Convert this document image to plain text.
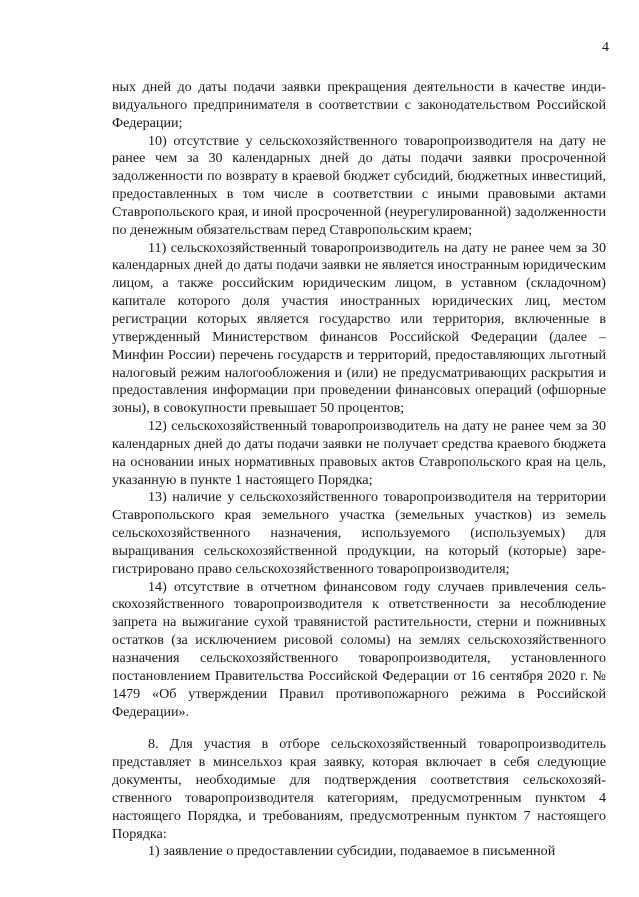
4

ных дней до даты подачи заявки прекращения деятельности в качестве индивидуального предпринимателя в соответствии с законодательством Российской Федерации;

10) отсутствие у сельскохозяйственного товаропроизводителя на дату не ранее чем за 30 календарных дней до даты подачи заявки просроченной задолженности по возврату в краевой бюджет субсидий, бюджетных инвестиций, предоставленных в том числе в соответствии с иными правовыми актами Ставропольского края, и иной просроченной (неурегулированной) задолженности по денежным обязательствам перед Ставропольским краем;

11) сельскохозяйственный товаропроизводитель на дату не ранее чем за 30 календарных дней до даты подачи заявки не является иностранным юридическим лицом, а также российским юридическим лицом, в уставном (складочном) капитале которого доля участия иностранных юридических лиц, местом регистрации которых является государство или территория, включенные в утвержденный Министерством финансов Российской Федерации (далее – Минфин России) перечень государств и территорий, предоставляющих льготный налоговый режим налогообложения и (или) не предусматривающих раскрытия и предоставления информации при проведении финансовых операций (офшорные зоны), в совокупности превышает 50 процентов;

12) сельскохозяйственный товаропроизводитель на дату не ранее чем за 30 календарных дней до даты подачи заявки не получает средства краевого бюджета на основании иных нормативных правовых актов Ставропольского края на цель, указанную в пункте 1 настоящего Порядка;

13) наличие у сельскохозяйственного товаропроизводителя на территории Ставропольского края земельного участка (земельных участков) из земель сельскохозяйственного назначения, используемого (используемых) для выращивания сельскохозяйственной продукции, на который (которые) зарегистрировано право сельскохозяйственного товаропроизводителя;

14) отсутствие в отчетном финансовом году случаев привлечения сельскохозяйственного товаропроизводителя к ответственности за несоблюдение запрета на выжигание сухой травянистой растительности, стерни и пожнивных остатков (за исключением рисовой соломы) на землях сельскохозяйственного назначения сельскохозяйственного товаропроизводителя, установленного постановлением Правительства Российской Федерации от 16 сентября 2020 г. № 1479 «Об утверждении Правил противопожарного режима в Российской Федерации».

8. Для участия в отборе сельскохозяйственный товаропроизводитель представляет в минсельхоз края заявку, которая включает в себя следующие документы, необходимые для подтверждения соответствия сельскохозяйственного товаропроизводителя категориям, предусмотренным пунктом 4 настоящего Порядка, и требованиям, предусмотренным пунктом 7 настоящего Порядка:

1) заявление о предоставлении субсидии, подаваемое в письменной
